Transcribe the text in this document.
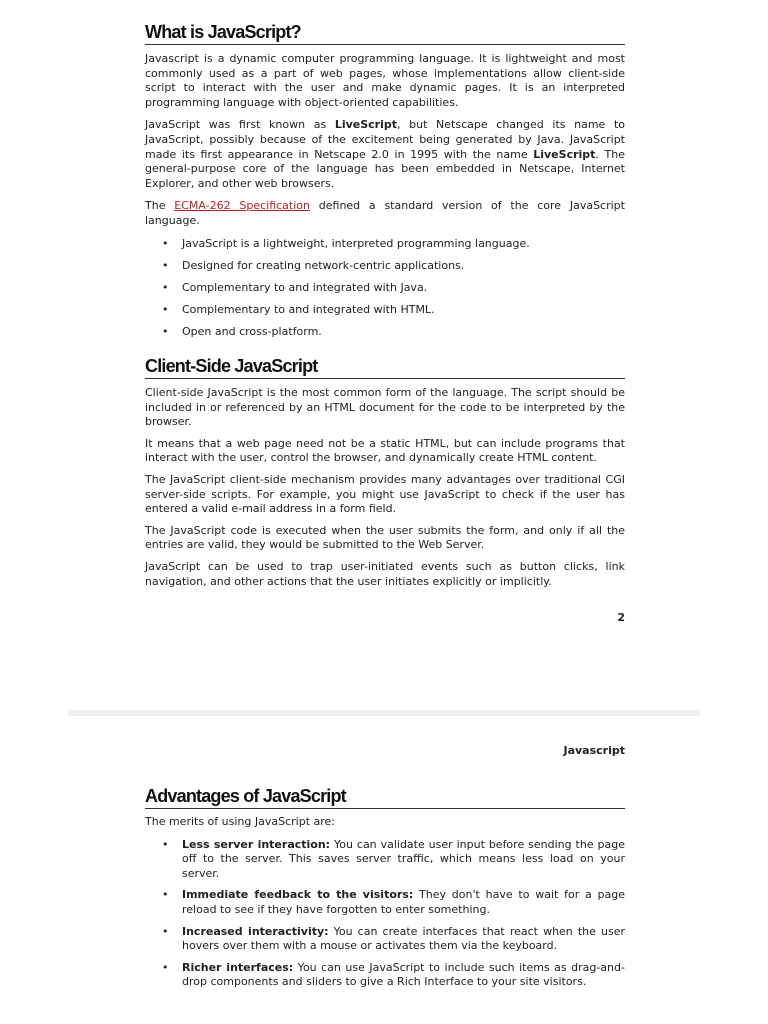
What is JavaScript?

Javascript is a dynamic computer programming language. It is lightweight and most commonly used as a part of web pages, whose implementations allow client-side script to interact with the user and make dynamic pages. It is an interpreted programming language with object-oriented capabilities.

JavaScript was first known as LiveScript, but Netscape changed its name to JavaScript, possibly because of the excitement being generated by Java. JavaScript made its first appearance in Netscape 2.0 in 1995 with the name LiveScript. The general-purpose core of the language has been embedded in Netscape, Internet Explorer, and other web browsers.

The ECMA-262 Specification defined a standard version of the core JavaScript language.

• JavaScript is a lightweight, interpreted programming language.
• Designed for creating network-centric applications.
• Complementary to and integrated with Java.
• Complementary to and integrated with HTML.
• Open and cross-platform.
Client-Side JavaScript

Client-side JavaScript is the most common form of the language. The script should be included in or referenced by an HTML document for the code to be interpreted by the browser.

It means that a web page need not be a static HTML, but can include programs that interact with the user, control the browser, and dynamically create HTML content.

The JavaScript client-side mechanism provides many advantages over traditional CGI server-side scripts. For example, you might use JavaScript to check if the user has entered a valid e-mail address in a form field.

The JavaScript code is executed when the user submits the form, and only if all the entries are valid, they would be submitted to the Web Server.

JavaScript can be used to trap user-initiated events such as button clicks, link navigation, and other actions that the user initiates explicitly or implicitly.

2
Javascript
Advantages of JavaScript

The merits of using JavaScript are:

• Less server interaction: You can validate user input before sending the page off to the server. This saves server traffic, which means less load on your server.
• Immediate feedback to the visitors: They don't have to wait for a page reload to see if they have forgotten to enter something.
• Increased interactivity: You can create interfaces that react when the user hovers over them with a mouse or activates them via the keyboard.
• Richer interfaces: You can use JavaScript to include such items as drag-and-drop components and sliders to give a Rich Interface to your site visitors.
